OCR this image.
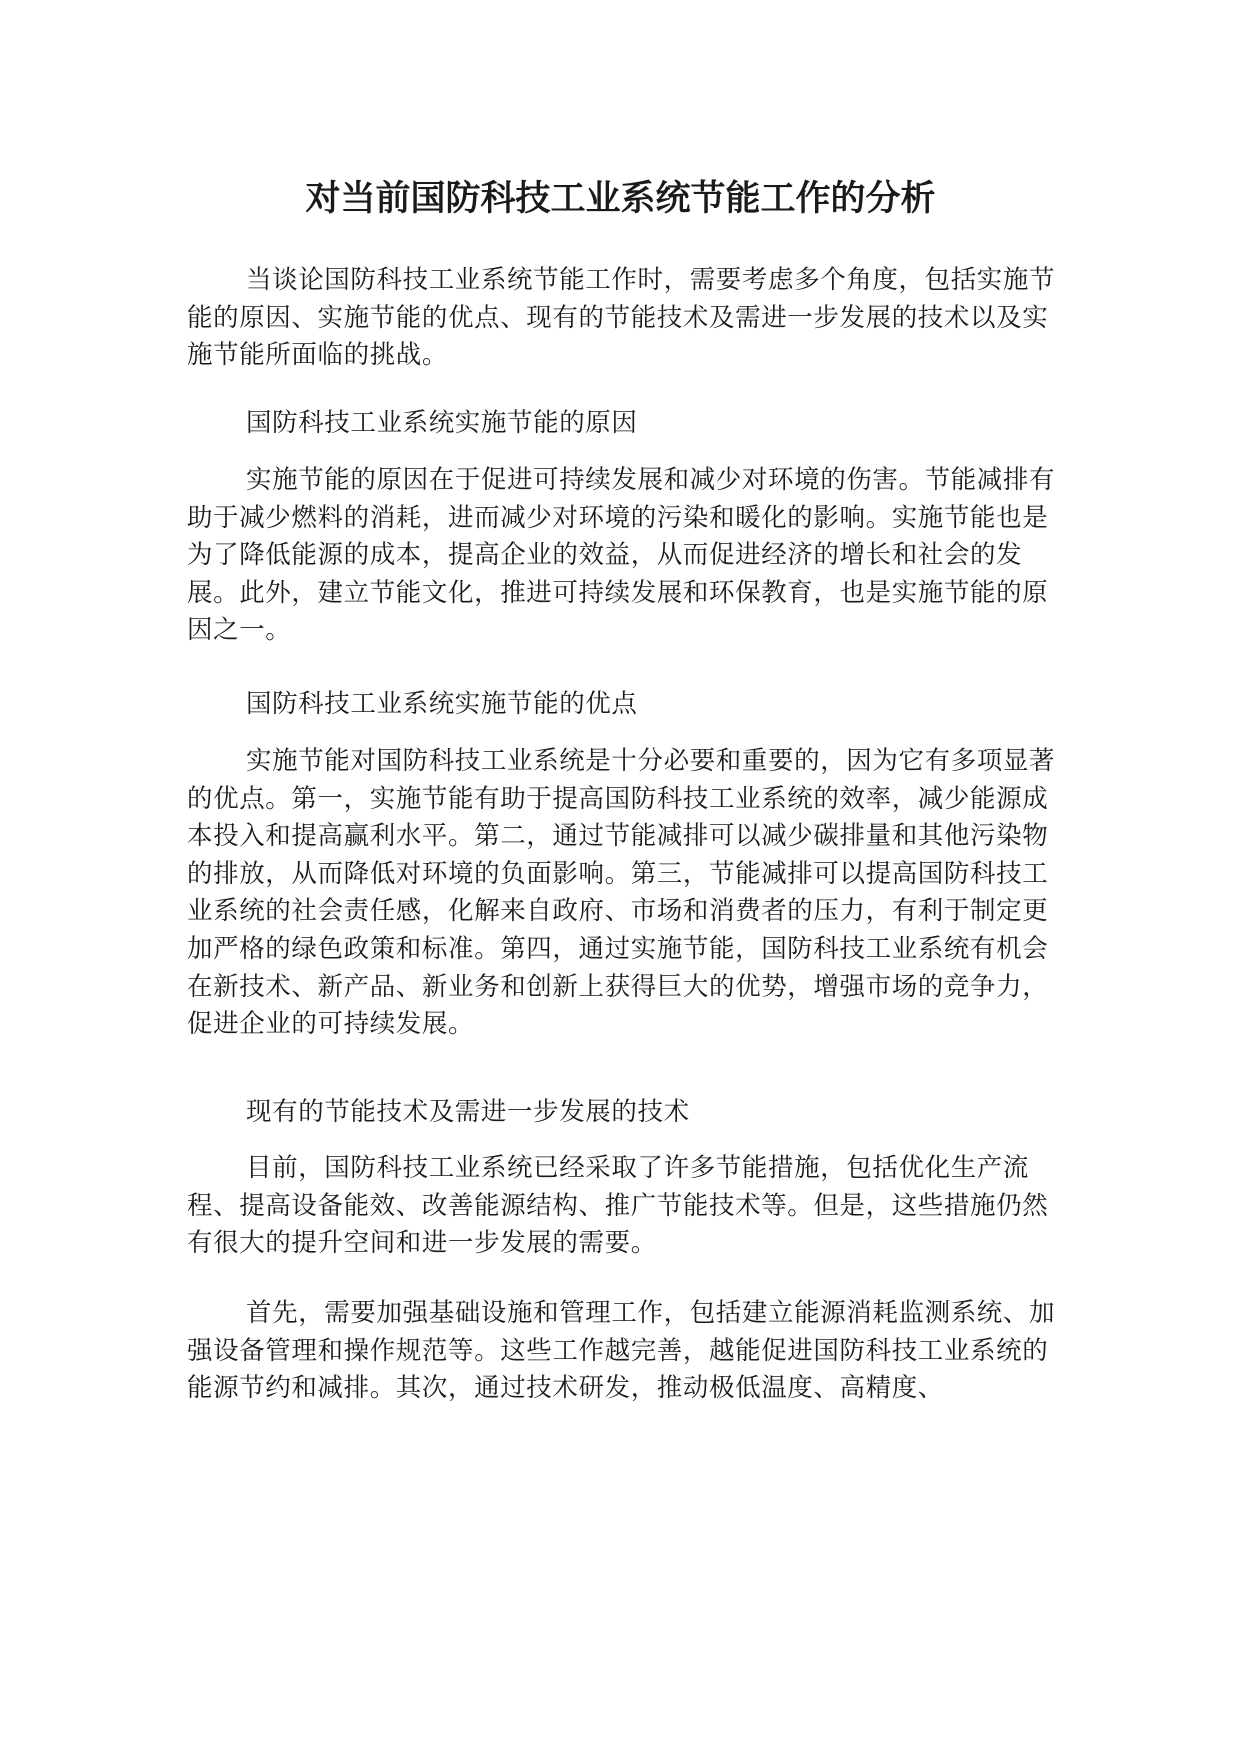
对当前国防科技工业系统节能工作的分析

当谈论国防科技工业系统节能工作时，需要考虑多个角度，包括实施节能的原因、实施节能的优点、现有的节能技术及需进一步发展的技术以及实施节能所面临的挑战。

国防科技工业系统实施节能的原因

实施节能的原因在于促进可持续发展和减少对环境的伤害。节能减排有助于减少燃料的消耗，进而减少对环境的污染和暖化的影响。实施节能也是为了降低能源的成本，提高企业的效益，从而促进经济的增长和社会的发展。此外，建立节能文化，推进可持续发展和环保教育，也是实施节能的原因之一。

国防科技工业系统实施节能的优点

实施节能对国防科技工业系统是十分必要和重要的，因为它有多项显著的优点。第一，实施节能有助于提高国防科技工业系统的效率，减少能源成本投入和提高赢利水平。第二，通过节能减排可以减少碳排量和其他污染物的排放，从而降低对环境的负面影响。第三，节能减排可以提高国防科技工业系统的社会责任感，化解来自政府、市场和消费者的压力，有利于制定更加严格的绿色政策和标准。第四，通过实施节能，国防科技工业系统有机会在新技术、新产品、新业务和创新上获得巨大的优势，增强市场的竞争力，促进企业的可持续发展。

现有的节能技术及需进一步发展的技术

目前，国防科技工业系统已经采取了许多节能措施，包括优化生产流程、提高设备能效、改善能源结构、推广节能技术等。但是，这些措施仍然有很大的提升空间和进一步发展的需要。

首先，需要加强基础设施和管理工作，包括建立能源消耗监测系统、加强设备管理和操作规范等。这些工作越完善，越能促进国防科技工业系统的能源节约和减排。其次，通过技术研发，推动极低温度、高精度、
